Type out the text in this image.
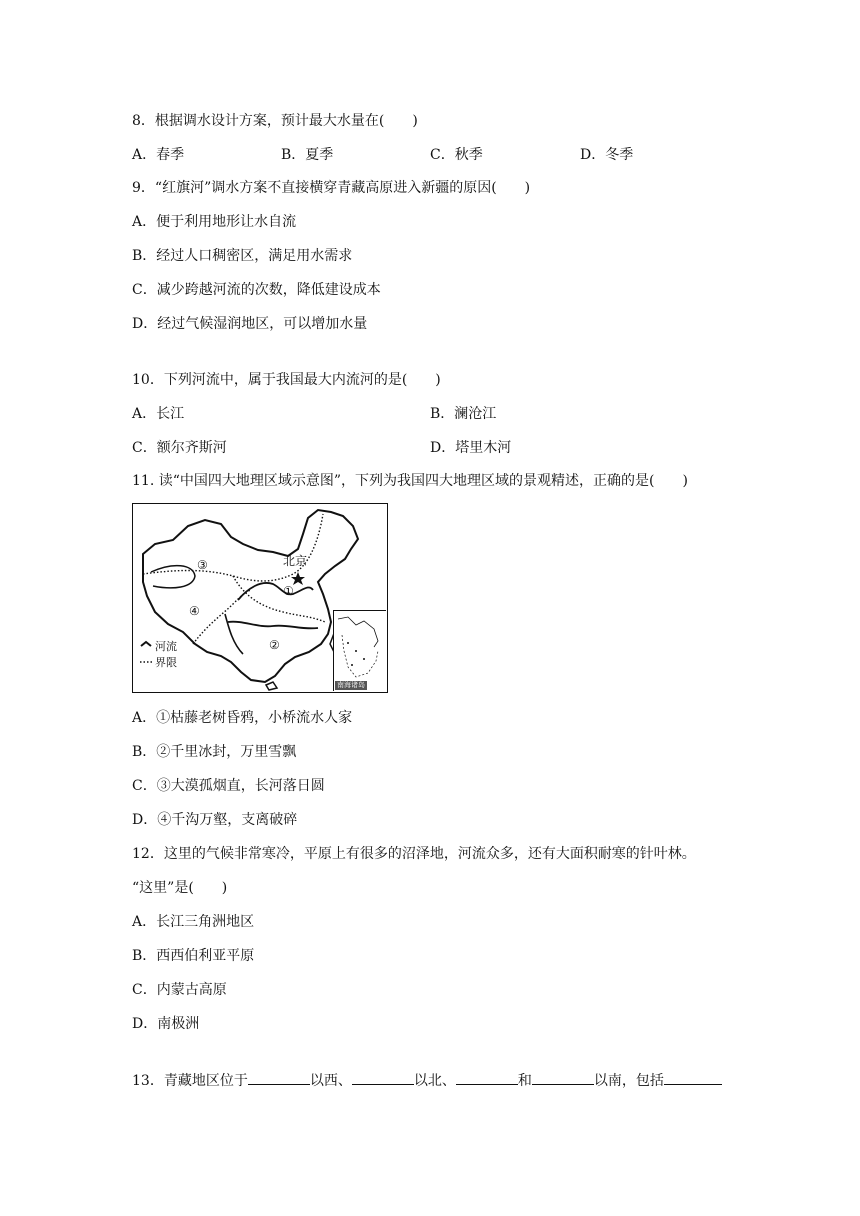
8．根据调水设计方案，预计最大水量在(　　)
A．春季	B．夏季	C．秋季	D．冬季
9．“红旗河”调水方案不直接横穿青藏高原进入新疆的原因(　　)
A．便于利用地形让水自流
B．经过人口稠密区，满足用水需求
C．减少跨越河流的次数，降低建设成本
D．经过气候湿润地区，可以增加水量
10．下列河流中，属于我国最大内流河的是(　　)
A．长江	B．澜沧江
C．额尔齐斯河	D．塔里木河
11. 读“中国四大地理区域示意图”，下列为我国四大地理区域的景观精述，正确的是(　　)
北京
①
②
③
④
河流
界限
南海诸岛
A．①枯藤老树昏鸦，小桥流水人家
B．②千里冰封，万里雪飘
C．③大漠孤烟直，长河落日圆
D．④千沟万壑，支离破碎
12．这里的气候非常寒冷，平原上有很多的沼泽地，河流众多，还有大面积耐寒的针叶林。
“这里”是(　　)
A．长江三角洲地区
B．西西伯利亚平原
C．内蒙古高原
D．南极洲
13．青藏地区位于	以西、	以北、	和	以南，包括
